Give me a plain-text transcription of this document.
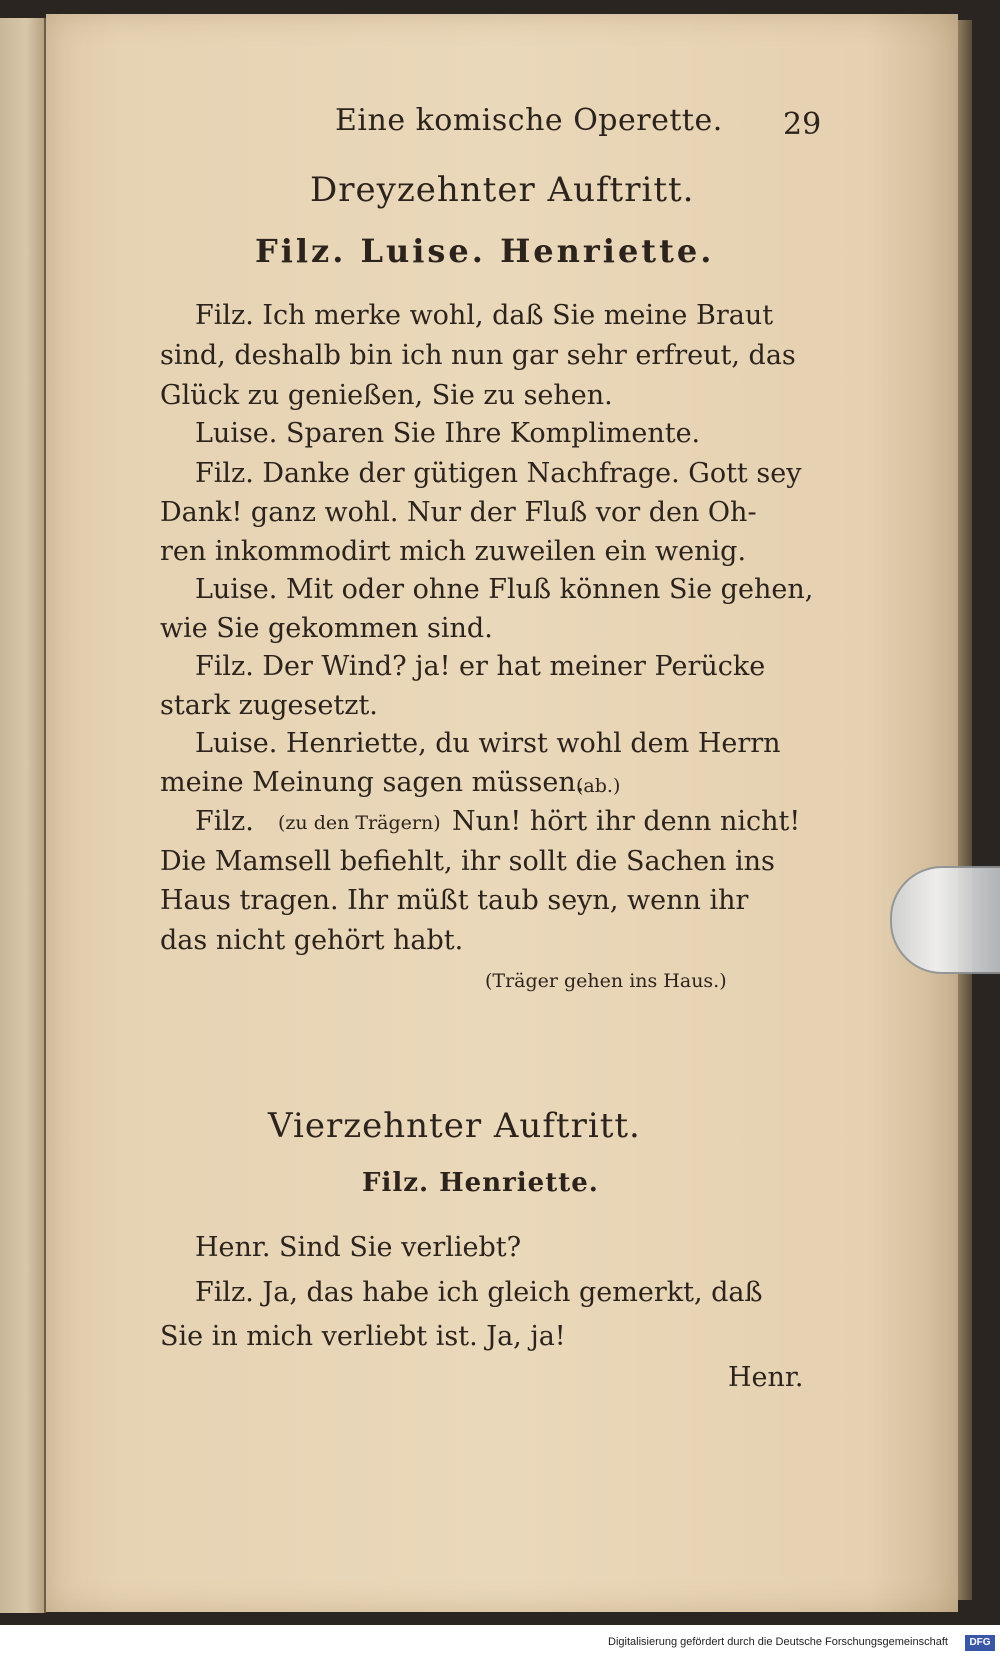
Eine komische Operette. 29
Dreyzehnter Auftritt.
Filz. Luise. Henriette.
Filz. Ich merke wohl, daß Sie meine Braut
sind, deshalb bin ich nun gar sehr erfreut, das
Glück zu genießen, Sie zu sehen.
Luise. Sparen Sie Ihre Komplimente.
Filz. Danke der gütigen Nachfrage. Gott sey
Dank! ganz wohl. Nur der Fluß vor den Oh-
ren inkommodirt mich zuweilen ein wenig.
Luise. Mit oder ohne Fluß können Sie gehen,
wie Sie gekommen sind.
Filz. Der Wind? ja! er hat meiner Perücke
stark zugesetzt.
Luise. Henriette, du wirst wohl dem Herrn
meine Meinung sagen müssen.
(ab.)
Filz. (zu den Trägern) Nun! hört ihr denn nicht!
Die Mamsell befiehlt, ihr sollt die Sachen ins
Haus tragen. Ihr müßt taub seyn, wenn ihr
das nicht gehört habt.
(Träger gehen ins Haus.)
Vierzehnter Auftritt.
Filz. Henriette.
Henr. Sind Sie verliebt?
Filz. Ja, das habe ich gleich gemerkt, daß
Sie in mich verliebt ist. Ja, ja!
Henr.
Digitalisierung gefördert durch die Deutsche Forschungsgemeinschaft	DFG
